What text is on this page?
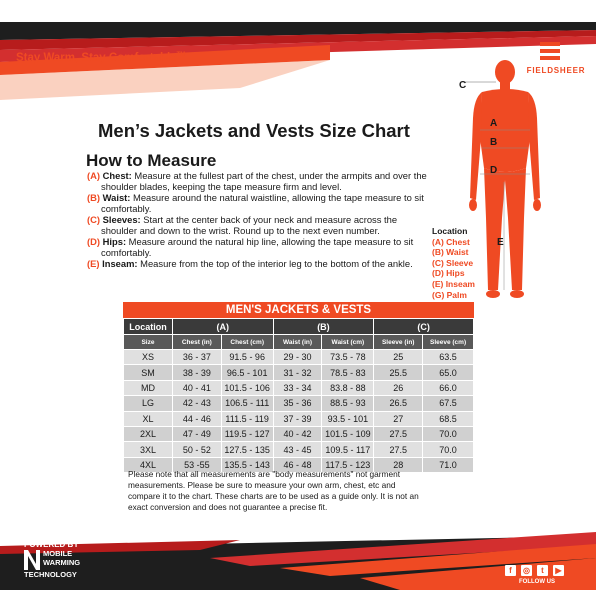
Stay Warm, Stay Comfortable™
FIELDSHEER
C
A
B
D
E
Men’s Jackets and Vests Size Chart
How to Measure
(A) Chest: Measure at the fullest part of the chest, under the armpits and over the shoulder blades, keeping the tape measure firm and level.
(B) Waist: Measure around the natural waistline, allowing the tape measure to sit comfortably.
(C) Sleeves: Start at the center back of your neck and measure across the shoulder and down to the wrist. Round up to the next even number.
(D) Hips: Measure around the natural hip line, allowing the tape measure to sit comfortably.
(E) Inseam: Measure from the top of the interior leg to the bottom of the ankle.
Location
(A) Chest
(B) Waist
(C) Sleeve
(D) Hips
(E) Inseam
(G) Palm
MEN'S JACKETS & VESTS
Location	(A)		(B)		(C)	
Size	Chest (in)	Chest (cm)	Waist (in)	Waist (cm)	Sleeve (in)	Sleeve (cm)
XS	36 - 37	91.5 - 96	29 - 30	73.5 - 78	25	63.5
SM	38 - 39	96.5 - 101	31 - 32	78.5 - 83	25.5	65.0
MD	40 - 41	101.5 - 106	33 - 34	83.8 - 88	26	66.0
LG	42 - 43	106.5 - 111	35 - 36	88.5 - 93	26.5	67.5
XL	44 - 46	111.5 - 119	37 - 39	93.5 - 101	27	68.5
2XL	47 - 49	119.5 - 127	40 - 42	101.5 - 109	27.5	70.0
3XL	50 - 52	127.5 - 135	43 - 45	109.5 - 117	27.5	70.0
4XL	53 -55	135.5 - 143	46 - 48	117.5 - 123	28	71.0
Please note that all measurements are "body measurements" not garment measurements. Please be sure to measure your own arm, chest, etc and compare it to the chart. These charts are to be used as a guide only. It is not an exact conversion and does not guarantee a precise fit.
POWERED BY
MOBILE
WARMING
TECHNOLOGY	f	◎	t	▶
FOLLOW US
